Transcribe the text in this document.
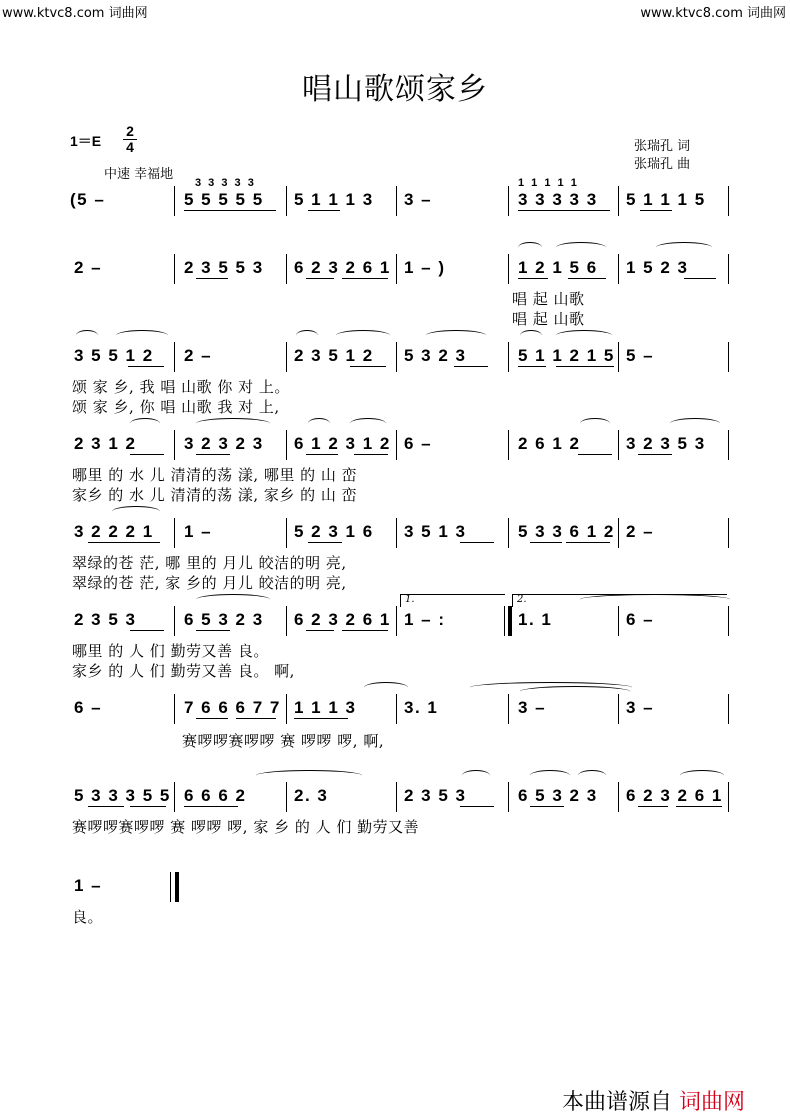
www.ktvc8.com 词曲网	www.ktvc8.com 词曲网
唱山歌颂家乡
1＝E
2
4
中速 幸福地
张瑞孔 词
张瑞孔 曲
3 3 3 3 3	1 1 1 1 1
(5 –	5 5 5 5 5 5 1 1 1 3 3 –	3 3 3 3 3 5 1 1 1 5
2 –	2 3 5 5 3 6 2 3 2 6 1 1 – )	1 2 1 5 6 1 5 2 3
唱 起 山歌
唱 起 山歌
3 5 5 1 2 2 –	2 3 5 1 2 5 3 2 3	5 1 1 2 1 5 5 –
颂 家 乡, 我 唱 山歌 你 对 上。
颂 家 乡, 你 唱 山歌 我 对 上,
2 3 1 2	3 2 3 2 3 6 1 2 3 1 2 6 –	2 6 1 2	3 2 3 5 3
哪里 的 水 儿 清清的荡 漾, 哪里 的 山 峦
家乡 的 水 儿 清清的荡 漾, 家乡 的 山 峦
3 2 2 2 1 1 –	5 2 3 1 6 3 5 1 3	5 3 3 6 1 2 2 –
翠绿的苍 茫, 哪 里的 月儿 皎洁的明 亮,
翠绿的苍 茫, 家 乡的 月儿 皎洁的明 亮,
2 3 5 3	6 5 3 2 3 6 2 3 2 6 1
1.
1 – :
2.
1. 1	6 –
哪里 的 人 们 勤劳又善 良。
家乡 的 人 们 勤劳又善 良。 啊,
6 –	7 6 6 6 7 7 1 1 1 3	3. 1	3 –	3 –
赛啰啰赛啰啰 赛 啰啰 啰, 啊,
5 3 3 3 5 5 6 6 6 2	2. 3	2 3 5 3	6 5 3 2 3 6 2 3 2 6 1
赛啰啰赛啰啰 赛 啰啰 啰, 家 乡 的 人 们 勤劳又善
1 –
良。
本曲谱源自 词曲网
